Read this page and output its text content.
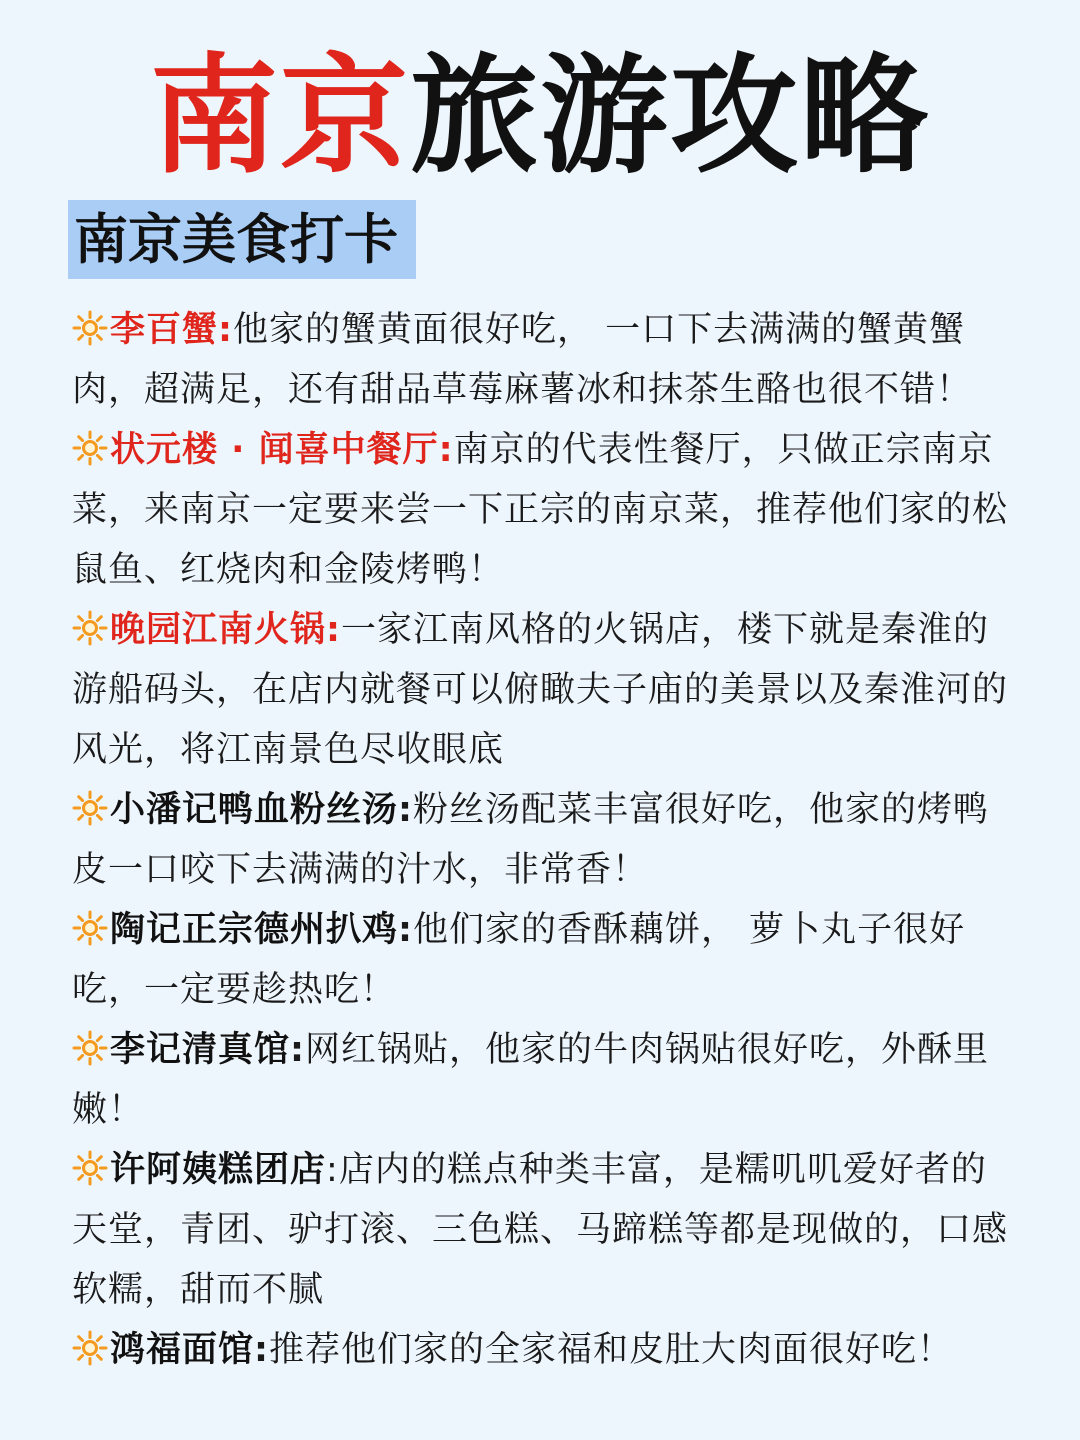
南京旅游攻略
南京美食打卡
李百蟹:他家的蟹黄面很好吃， 一口下去满满的蟹黄蟹肉，超满足，还有甜品草莓麻薯冰和抹茶生酪也很不错！
状元楼 · 闻喜中餐厅:南京的代表性餐厅，只做正宗南京菜，来南京一定要来尝一下正宗的南京菜，推荐他们家的松鼠鱼、红烧肉和金陵烤鸭！
晚园江南火锅:一家江南风格的火锅店，楼下就是秦淮的游船码头，在店内就餐可以俯瞰夫子庙的美景以及秦淮河的风光，将江南景色尽收眼底
小潘记鸭血粉丝汤:粉丝汤配菜丰富很好吃，他家的烤鸭皮一口咬下去满满的汁水，非常香！
陶记正宗德州扒鸡:他们家的香酥藕饼， 萝卜丸子很好吃，一定要趁热吃！
李记清真馆:网红锅贴，他家的牛肉锅贴很好吃，外酥里嫩！
许阿姨糕团店:店内的糕点种类丰富，是糯叽叽爱好者的天堂，青团、驴打滚、三色糕、马蹄糕等都是现做的，口感软糯，甜而不腻
鸿福面馆:推荐他们家的全家福和皮肚大肉面很好吃！
